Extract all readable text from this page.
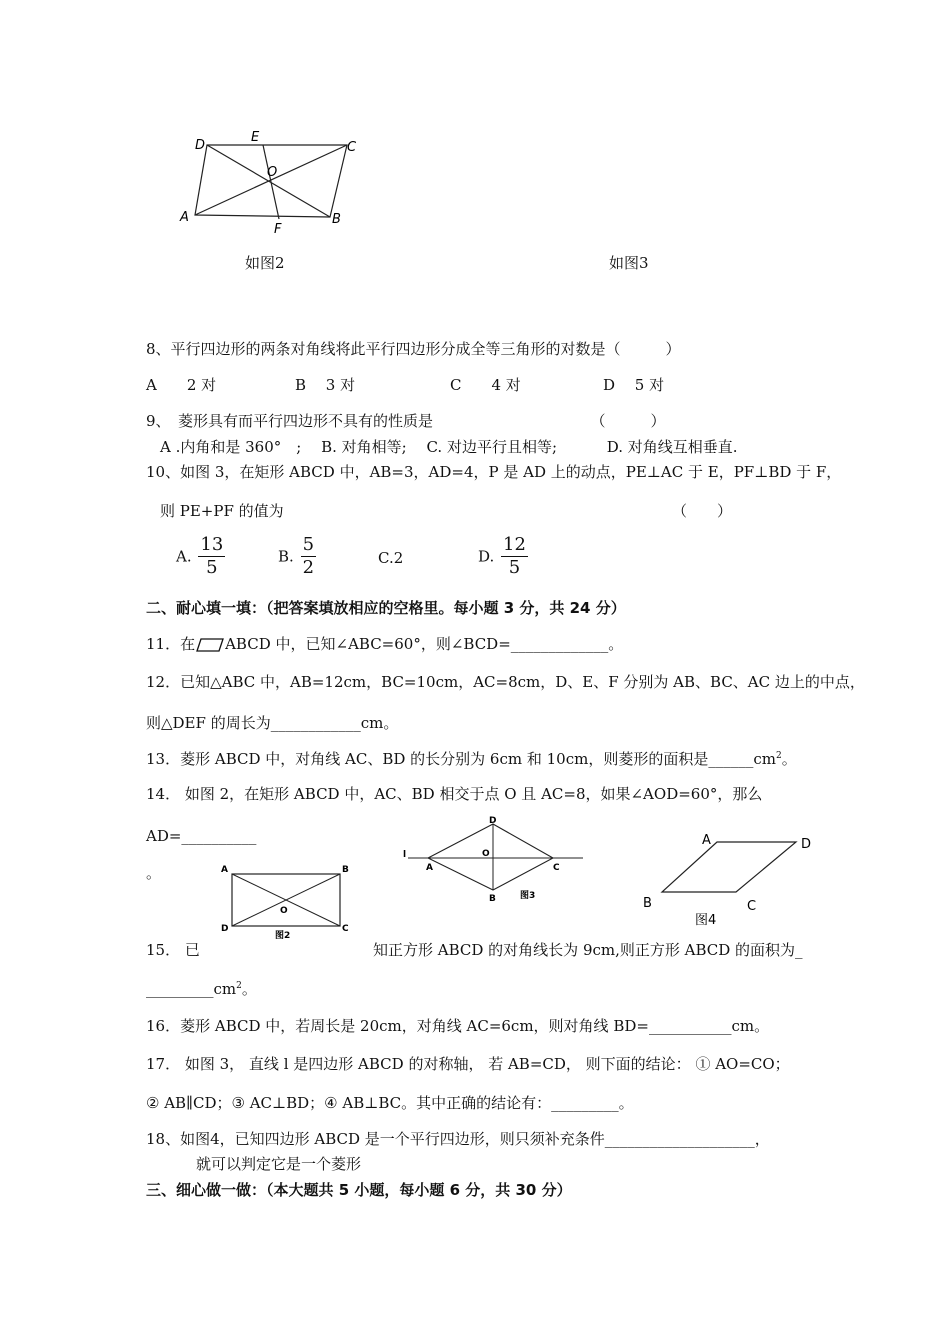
D
E
C
O
A
F
B
如图2	如图3
8、平行四边形的两条对角线将此平行四边形分成全等三角形的对数是（　　　）
A　　2 对	B　 3 对	C　　4 对	D　 5 对
9、　菱形具有而平行四边形不具有的性质是　　　　　　　　　　　（　　　）
A .内角和是 360°　;　 B. 对角相等;　 C. 对边平行且相等;　　　 D. 对角线互相垂直.
10、如图 3，在矩形 ABCD 中，AB=3，AD=4，P 是 AD 上的动点，PE⊥AC 于 E，PF⊥BD 于 F，
则 PE+PF 的值为	（　　）
A. $\frac{13}{5}$	B. $\frac{5}{2}$	C.2	D. $\frac{12}{5}$
二、耐心填一填：（把答案填放相应的空格里。每小题 3 分，共 24 分）
11．在 ABCD 中，已知∠ABC=60°，则∠BCD=_____________。
12．已知△ABC 中，AB=12cm，BC=10cm，AC=8cm，D、E、F 分别为 AB、BC、AC 边上的中点，
则△DEF 的周长为____________cm。
13．菱形 ABCD 中，对角线 AC、BD 的长分别为 6cm 和 10cm，则菱形的面积是$\_\_\_\_\_\_cm^2$。
14． 如图 2，在矩形 ABCD 中，AC、BD 相交于点 O 且 AC=8，如果∠AOD=60°，那么
AD=__________
。	A	B
O
D	C
图2
D
l	O
A	C
B	图3
A	D
B	C
图4
15． 已	知正方形 ABCD 的对角线长为 9cm,则正方形 ABCD 的面积为_
$\_\_\_\_\_\_\_\_\_cm^2$。
16．菱形 ABCD 中，若周长是 20cm，对角线 AC=6cm，则对角线 BD=___________cm。
17． 如图 3， 直线 l 是四边形 ABCD 的对称轴， 若 AB=CD， 则下面的结论： ① AO=CO；
② AB∥CD；③ AC⊥BD；④ AB⊥BC。其中正确的结论有：_________。
18、如图4，已知四边形 ABCD 是一个平行四边形，则只须补充条件____________________，
就可以判定它是一个菱形
三、细心做一做：（本大题共 5 小题，每小题 6 分，共 30 分）
